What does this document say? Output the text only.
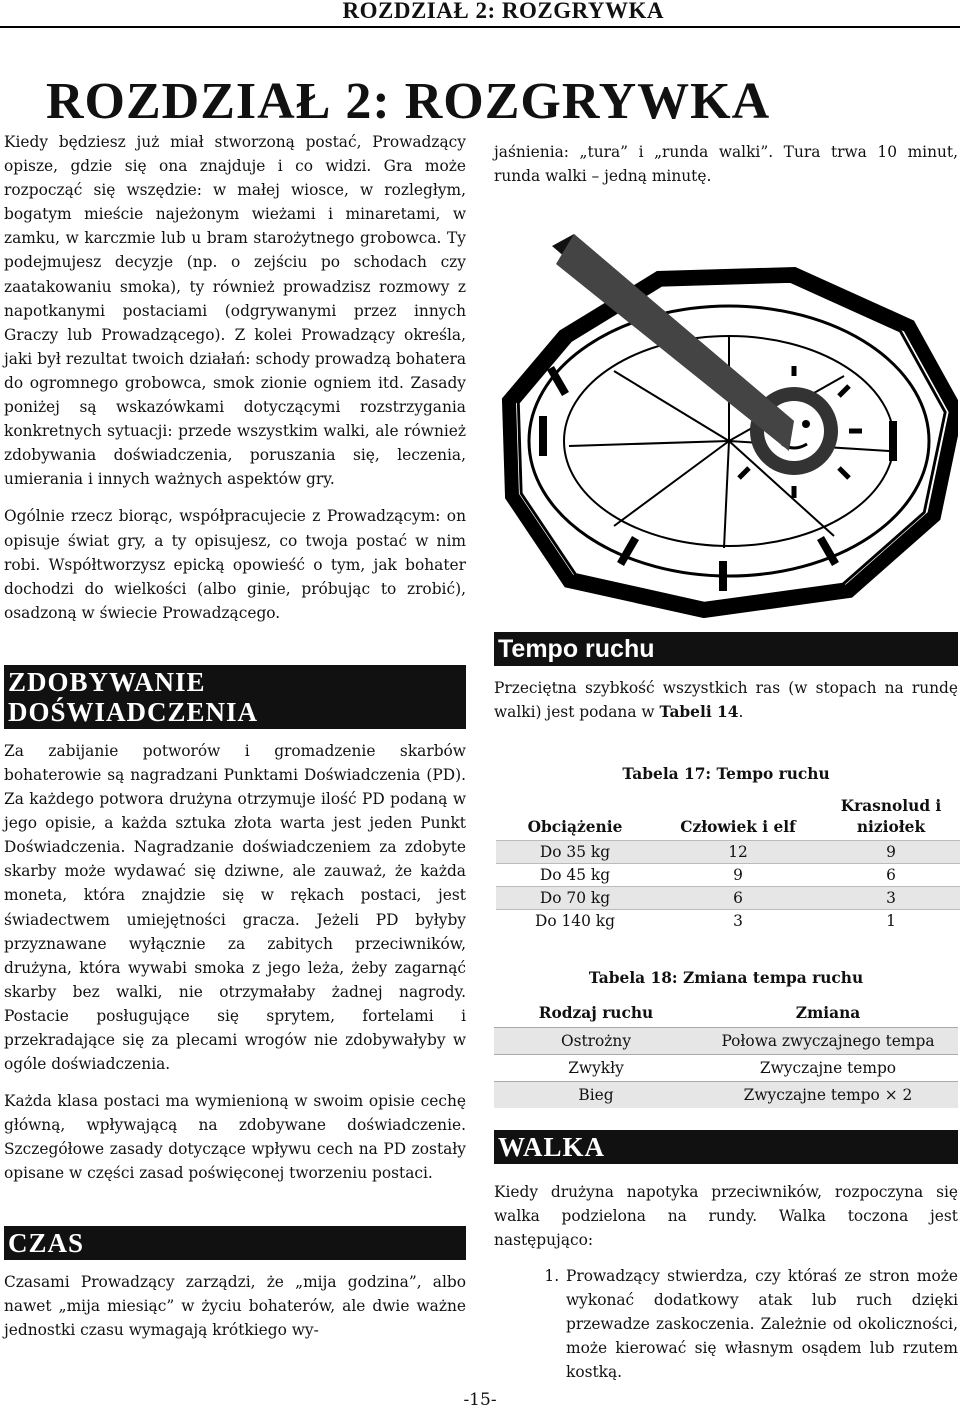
ROZDZIAŁ 2: ROZGRYWKA
ROZDZIAŁ 2: ROZGRYWKA

Kiedy będziesz już miał stworzoną postać, Prowadzący opisze, gdzie się ona znajduje i co widzi. Gra może rozpocząć się wszędzie: w małej wiosce, w rozległym, bogatym mieście najeżonym wieżami i minaretami, w zamku, w karczmie lub u bram starożytnego grobowca. Ty podejmujesz decyzje (np. o zejściu po schodach czy zaatakowaniu smoka), ty również prowadzisz rozmowy z napotkanymi postaciami (odgrywanymi przez innych Graczy lub Prowadzącego). Z kolei Prowadzący określa, jaki był rezultat twoich działań: schody prowadzą bohatera do ogromnego grobowca, smok zionie ogniem itd. Zasady poniżej są wskazówkami dotyczącymi rozstrzygania konkretnych sytuacji: przede wszystkim walki, ale również zdobywania doświadczenia, poruszania się, leczenia, umierania i innych ważnych aspektów gry.

Ogólnie rzecz biorąc, współpracujecie z Prowadzącym: on opisuje świat gry, a ty opisujesz, co twoja postać w nim robi. Współtworzysz epicką opowieść o tym, jak bohater dochodzi do wielkości (albo ginie, próbując to zrobić), osadzoną w świecie Prowadzącego.

ZDOBYWANIE DOŚWIADCZENIA

Za zabijanie potworów i gromadzenie skarbów bohaterowie są nagradzani Punktami Doświadczenia (PD). Za każdego potwora drużyna otrzymuje ilość PD podaną w jego opisie, a każda sztuka złota warta jest jeden Punkt Doświadczenia. Nagradzanie doświadczeniem za zdobyte skarby może wydawać się dziwne, ale zauważ, że każda moneta, która znajdzie się w rękach postaci, jest świadectwem umiejętności gracza. Jeżeli PD byłyby przyznawane wyłącznie za zabitych przeciwników, drużyna, która wywabi smoka z jego leża, żeby zagarnąć skarby bez walki, nie otrzymałaby żadnej nagrody. Postacie posługujące się sprytem, fortelami i przekradające się za plecami wrogów nie zdobywałyby w ogóle doświadczenia.

Każda klasa postaci ma wymienioną w swoim opisie cechę główną, wpływającą na zdobywane doświadczenie. Szczegółowe zasady dotyczące wpływu cech na PD zostały opisane w części zasad poświęconej tworzeniu postaci.

CZAS

Czasami Prowadzący zarządzi, że „mija godzina”, albo nawet „mija miesiąc” w życiu bohaterów, ale dwie ważne jednostki czasu wymagają krótkiego wy-

jaśnienia: „tura” i „runda walki”. Tura trwa 10 minut, runda walki – jedną minutę.

Tempo ruchu

Przeciętna szybkość wszystkich ras (w stopach na rundę walki) jest podana w Tabeli 14.

Tabela 17: Tempo ruchu
Obciążenie	Człowiek i elf	Krasnolud i niziołek
Do 35 kg	12	9
Do 45 kg	9	6
Do 70 kg	6	3
Do 140 kg	3	1
Tabela 18: Zmiana tempa ruchu
Rodzaj ruchu	Zmiana
Ostrożny	Połowa zwyczajnego tempa
Zwykły	Zwyczajne tempo
Bieg	Zwyczajne tempo × 2
WALKA

Kiedy drużyna napotyka przeciwników, rozpoczyna się walka podzielona na rundy. Walka toczona jest następująco:

1. Prowadzący stwierdza, czy któraś ze stron może wykonać dodatkowy atak lub ruch dzięki przewadze zaskoczenia. Zależnie od okoliczności, może kierować się własnym osądem lub rzutem kostką.
-15-
